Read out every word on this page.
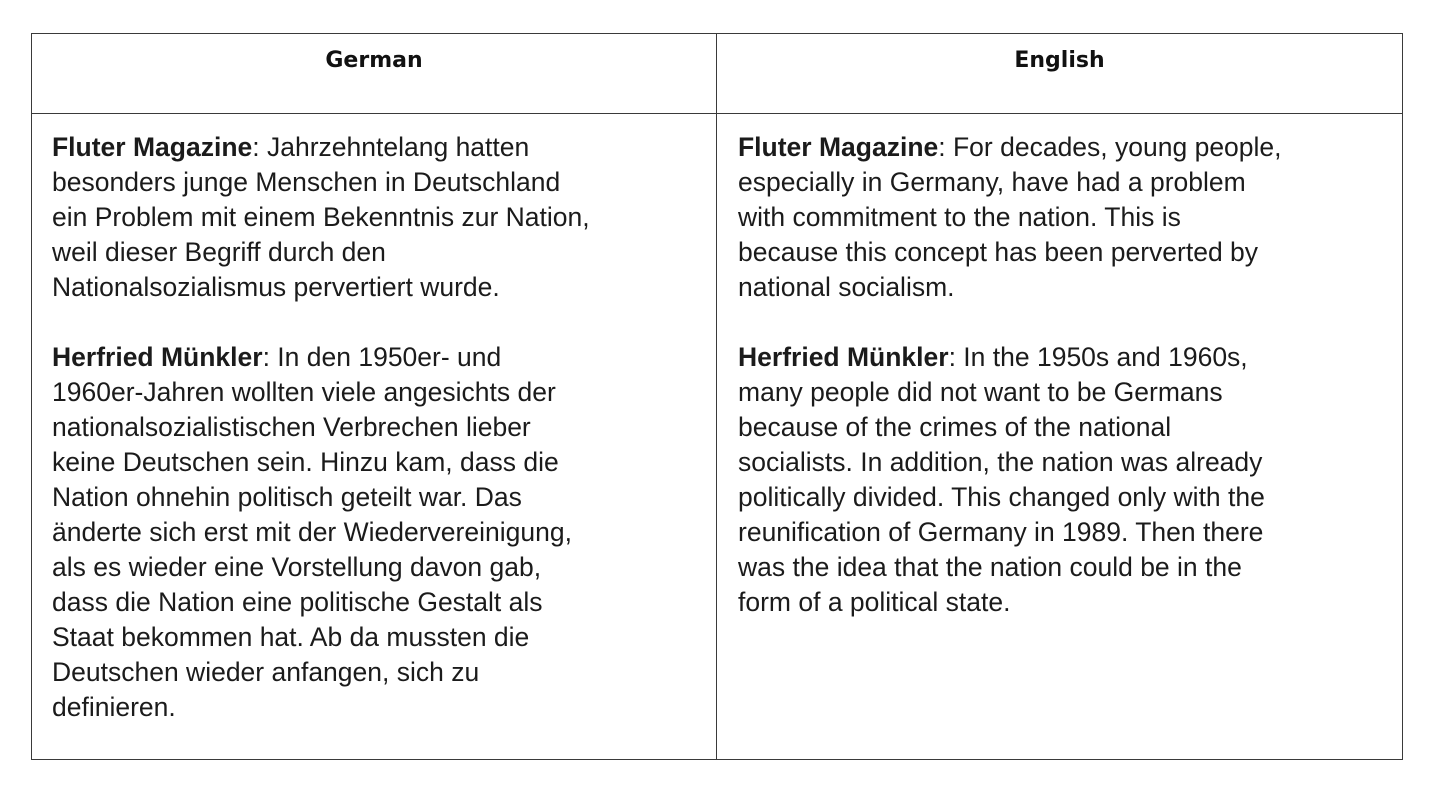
German	English

Fluter Magazine: Jahrzehntelang hatten
besonders junge Menschen in Deutschland
ein Problem mit einem Bekenntnis zur Nation,
weil dieser Begriff durch den
Nationalsozialismus pervertiert wurde.

Herfried Münkler: In den 1950er- und
1960er-Jahren wollten viele angesichts der
nationalsozialistischen Verbrechen lieber
keine Deutschen sein. Hinzu kam, dass die
Nation ohnehin politisch geteilt war. Das
änderte sich erst mit der Wiedervereinigung,
als es wieder eine Vorstellung davon gab,
dass die Nation eine politische Gestalt als
Staat bekommen hat. Ab da mussten die
Deutschen wieder anfangen, sich zu
definieren.

Fluter Magazine: For decades, young people,
especially in Germany, have had a problem
with commitment to the nation. This is
because this concept has been perverted by
national socialism.

Herfried Münkler: In the 1950s and 1960s,
many people did not want to be Germans
because of the crimes of the national
socialists. In addition, the nation was already
politically divided. This changed only with the
reunification of Germany in 1989. Then there
was the idea that the nation could be in the
form of a political state.
